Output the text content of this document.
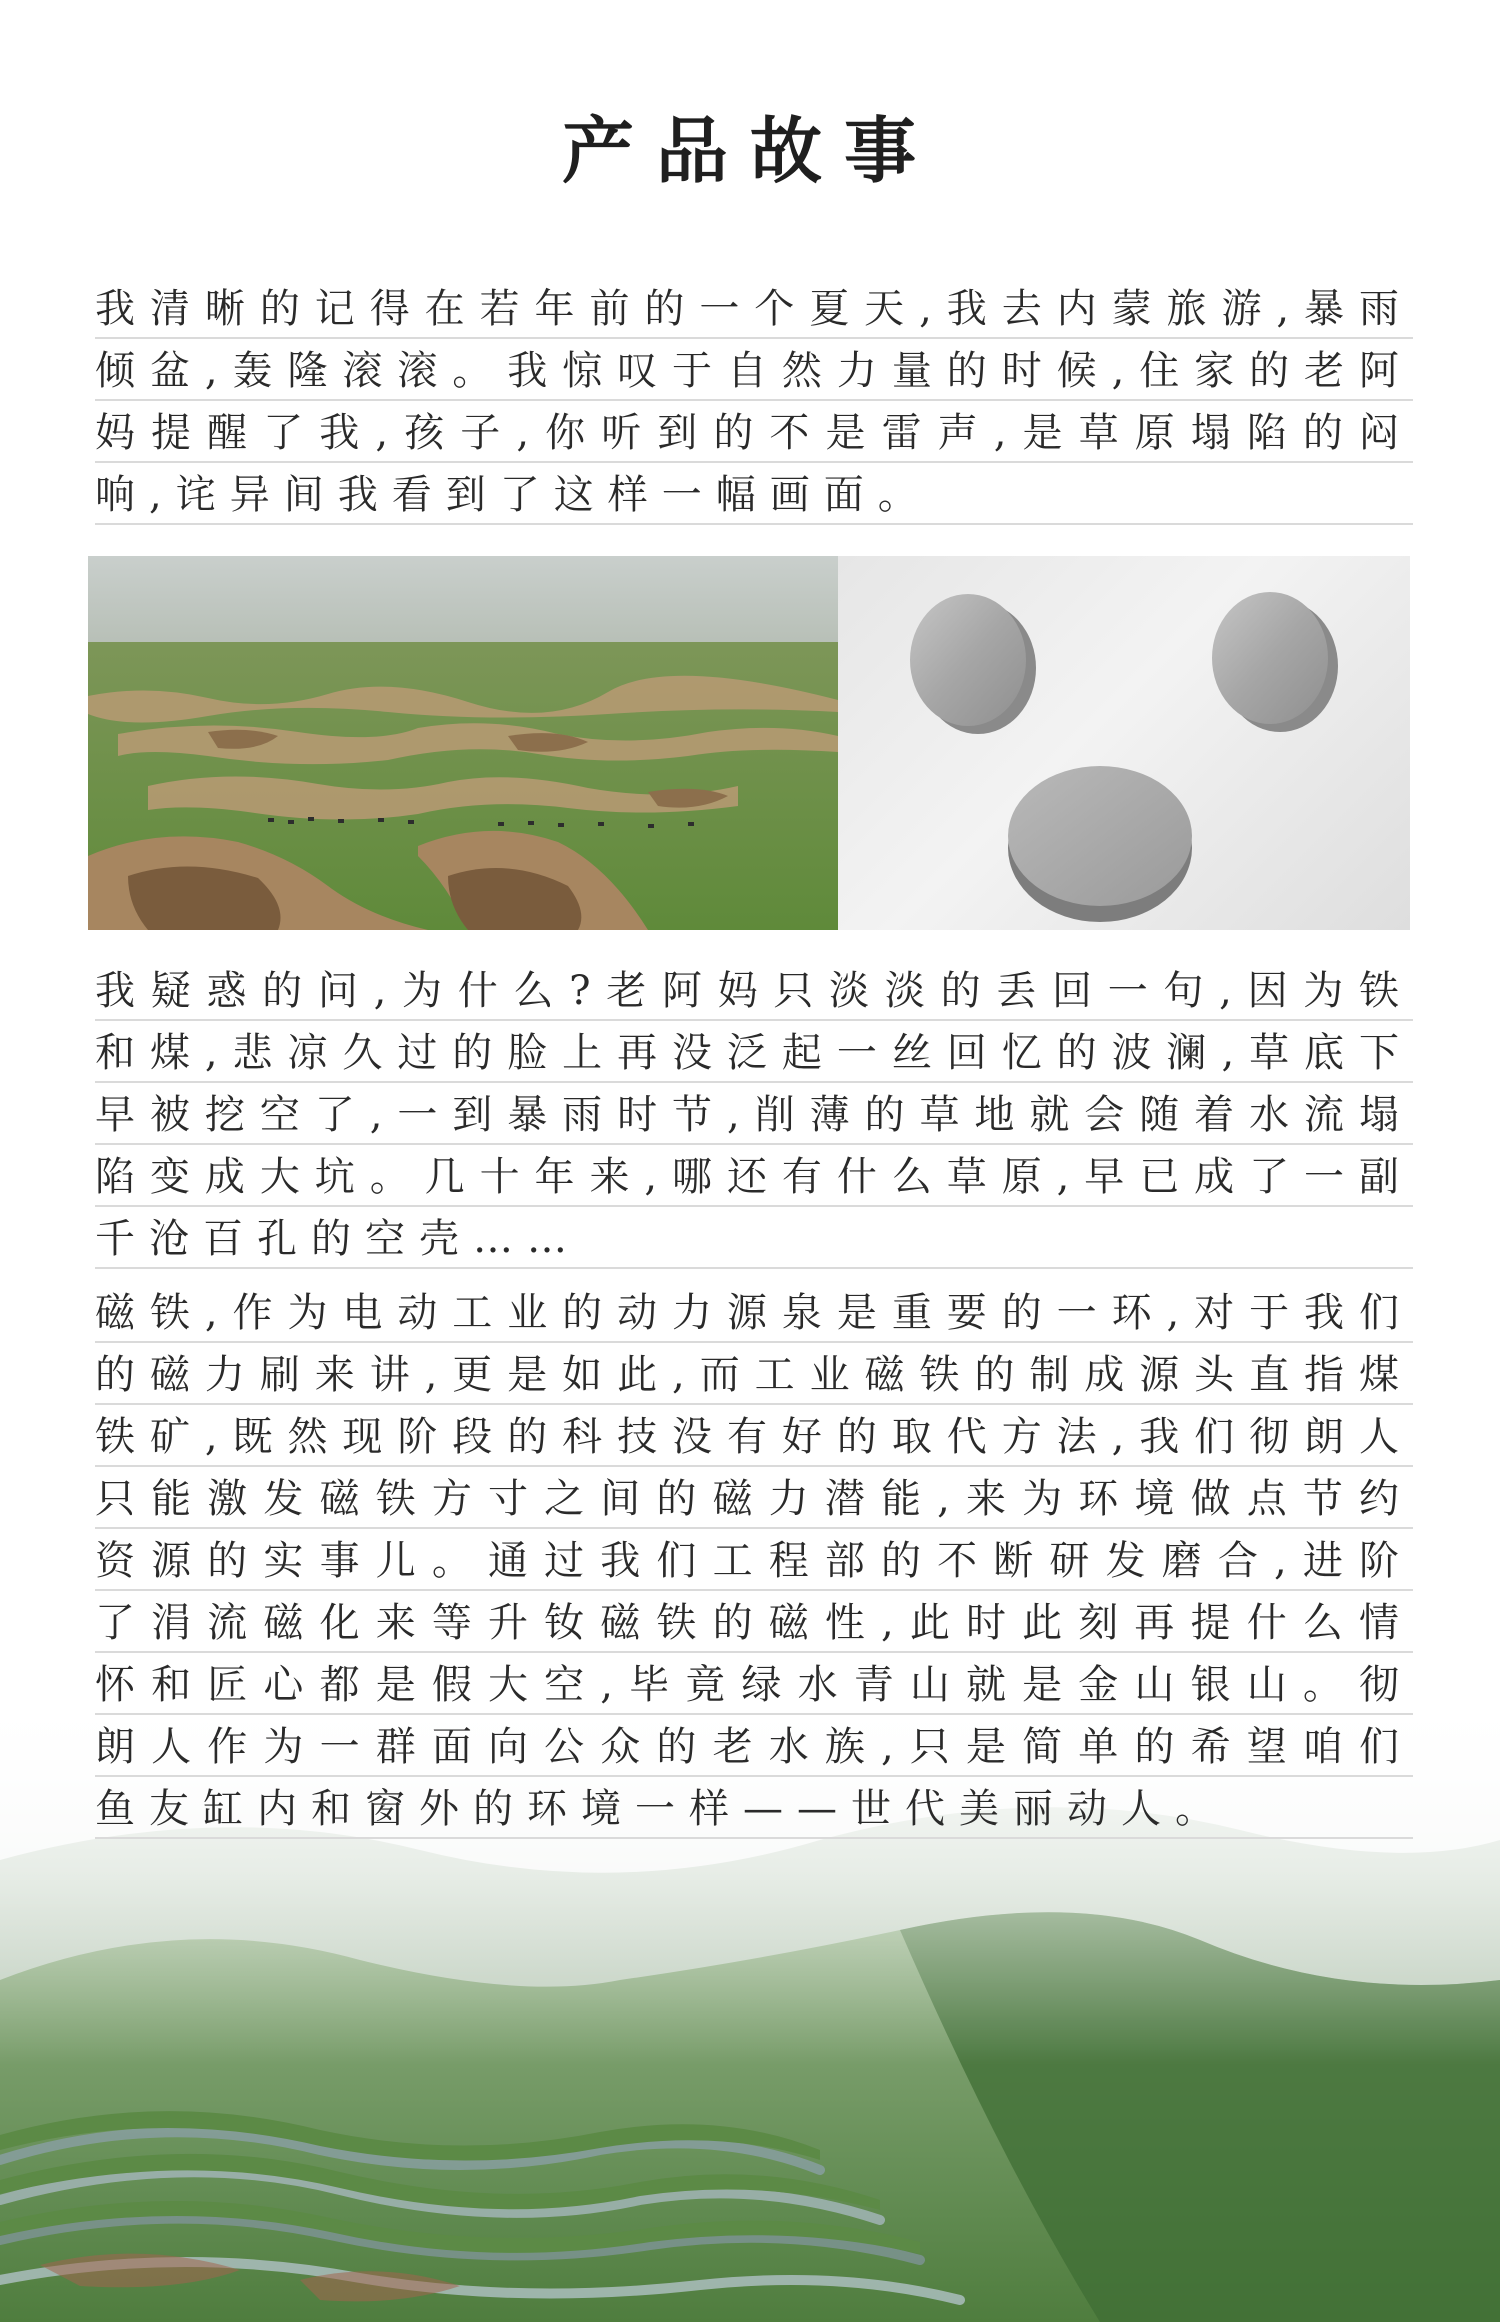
产品故事

我清晰的记得在若年前的一个夏天,我去内蒙旅游,暴雨倾盆,轰隆滚滚。我惊叹于自然力量的时候,住家的老阿妈提醒了我,孩子,你听到的不是雷声,是草原塌陷的闷响,诧异间我看到了这样一幅画面。

我疑惑的问,为什么?老阿妈只淡淡的丢回一句,因为铁和煤,悲凉久过的脸上再没泛起一丝回忆的波澜,草底下早被挖空了,一到暴雨时节,削薄的草地就会随着水流塌陷变成大坑。几十年来,哪还有什么草原,早已成了一副千沧百孔的空壳……

磁铁,作为电动工业的动力源泉是重要的一环,对于我们的磁力刷来讲,更是如此,而工业磁铁的制成源头直指煤铁矿,既然现阶段的科技没有好的取代方法,我们彻朗人只能激发磁铁方寸之间的磁力潜能,来为环境做点节约资源的实事儿。通过我们工程部的不断研发磨合,进阶了涓流磁化来等升钕磁铁的磁性,此时此刻再提什么情怀和匠心都是假大空,毕竟绿水青山就是金山银山。彻朗人作为一群面向公众的老水族,只是简单的希望咱们鱼友缸内和窗外的环境一样——世代美丽动人。
